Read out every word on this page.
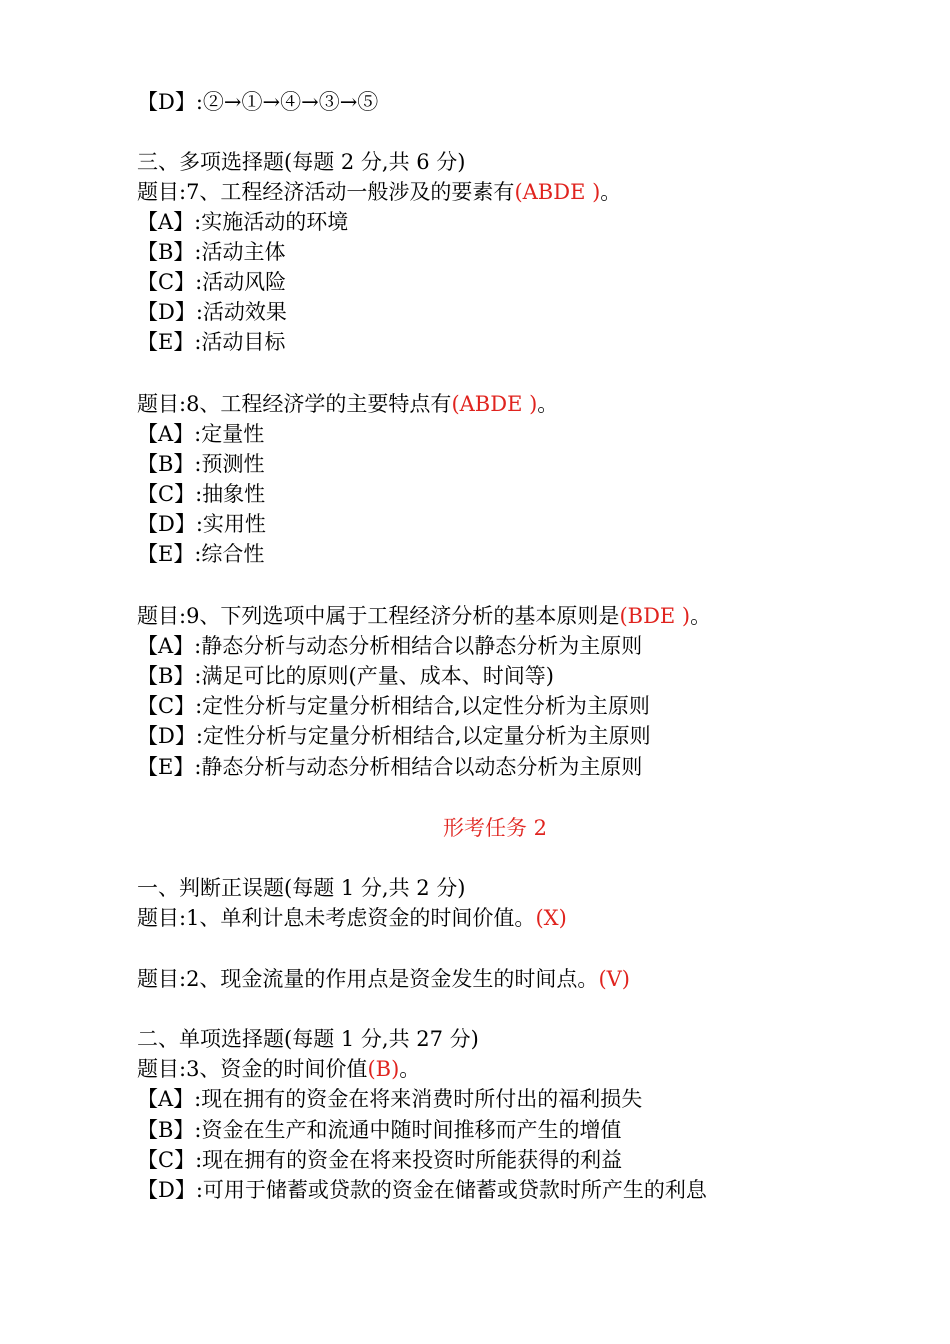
【D】:②→①→④→③→⑤
三、多项选择题(每题 2 分,共 6 分)
题目:7、工程经济活动一般涉及的要素有(ABDE )。
【A】:实施活动的环境
【B】:活动主体
【C】:活动风险
【D】:活动效果
【E】:活动目标
题目:8、工程经济学的主要特点有(ABDE )。
【A】:定量性
【B】:预测性
【C】:抽象性
【D】:实用性
【E】:综合性
题目:9、下列选项中属于工程经济分析的基本原则是(BDE )。
【A】:静态分析与动态分析相结合以静态分析为主原则
【B】:满足可比的原则(产量、成本、时间等)
【C】:定性分析与定量分析相结合,以定性分析为主原则
【D】:定性分析与定量分析相结合,以定量分析为主原则
【E】:静态分析与动态分析相结合以动态分析为主原则
形考任务 2
一、判断正误题(每题 1 分,共 2 分)
题目:1、单利计息未考虑资金的时间价值。(X)
题目:2、现金流量的作用点是资金发生的时间点。(V)
二、单项选择题(每题 1 分,共 27 分)
题目:3、资金的时间价值(B)。
【A】:现在拥有的资金在将来消费时所付出的福利损失
【B】:资金在生产和流通中随时间推移而产生的增值
【C】:现在拥有的资金在将来投资时所能获得的利益
【D】:可用于储蓄或贷款的资金在储蓄或贷款时所产生的利息
